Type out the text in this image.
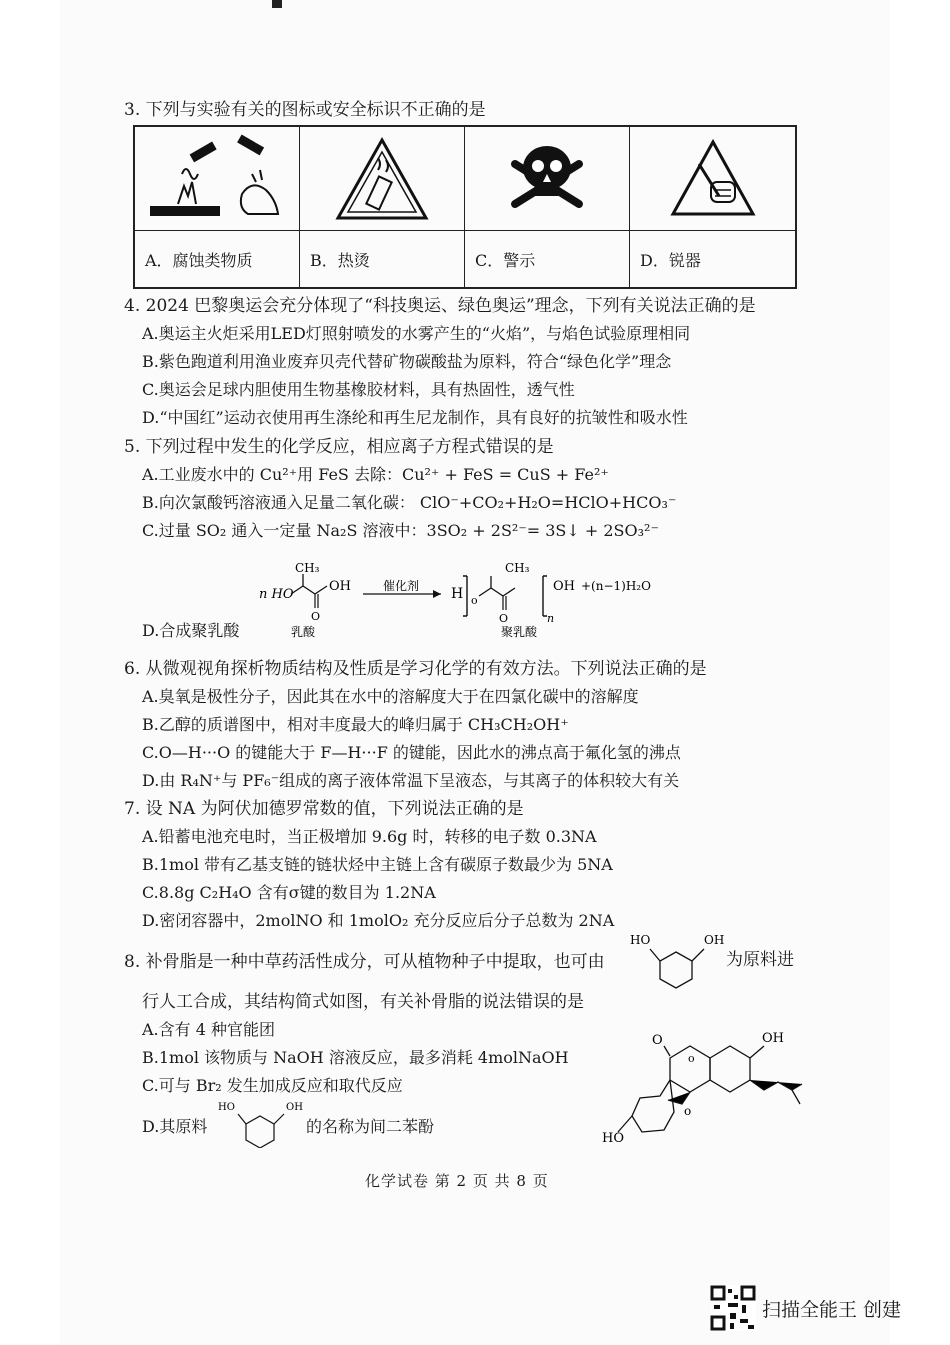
3. 下列与实验有关的图标或安全标识不正确的是
A．腐蚀类物质	B．热烫	C．警示	D．锐器
4. 2024 巴黎奥运会充分体现了“科技奥运、绿色奥运”理念，下列有关说法正确的是
A.奥运主火炬采用LED灯照射喷发的水雾产生的“火焰”，与焰色试验原理相同
B.紫色跑道利用渔业废弃贝壳代替矿物碳酸盐为原料，符合“绿色化学”理念
C.奥运会足球内胆使用生物基橡胶材料，具有热固性，透气性
D.“中国红”运动衣使用再生涤纶和再生尼龙制作，具有良好的抗皱性和吸水性
5. 下列过程中发生的化学反应，相应离子方程式错误的是
A.工业废水中的 Cu²⁺用 FeS 去除：Cu²⁺ + FeS = CuS + Fe²⁺
B.向次氯酸钙溶液通入足量二氧化碳： ClO⁻+CO₂+H₂O=HClO+HCO₃⁻
C.过量 SO₂ 通入一定量 Na₂S 溶液中：3SO₂ + 2S²⁻= 3S↓ + 2SO₃²⁻
n HO
CH₃
O
OH	催化剂
乳酸
H o
CH₃
O	n
OH +(n−1)H₂O
聚乳酸
D.合成聚乳酸
6. 从微观视角探析物质结构及性质是学习化学的有效方法。下列说法正确的是
A.臭氧是极性分子，因此其在水中的溶解度大于在四氯化碳中的溶解度
B.乙醇的质谱图中，相对丰度最大的峰归属于 CH₃CH₂OH⁺
C.O—H···O 的键能大于 F—H···F 的键能，因此水的沸点高于氟化氢的沸点
D.由 R₄N⁺与 PF₆⁻组成的离子液体常温下呈液态，与其离子的体积较大有关
7. 设 NA 为阿伏加德罗常数的值，下列说法正确的是
A.铅蓄电池充电时，当正极增加 9.6g 时，转移的电子数 0.3NA
B.1mol 带有乙基支链的链状烃中主链上含有碳原子数最少为 5NA
C.8.8g C₂H₄O 含有σ键的数目为 1.2NA
D.密闭容器中，2molNO 和 1molO₂ 充分反应后分子总数为 2NA
8. 补骨脂是一种中草药活性成分，可从植物种子中提取，也可由
HO	OH
为原料进
行人工合成，其结构简式如图，有关补骨脂的说法错误的是
A.含有 4 种官能团
B.1mol 该物质与 NaOH 溶液反应，最多消耗 4molNaOH
C.可与 Br₂ 发生加成反应和取代反应
D.其原料
HO	OH
的名称为间二苯酚
O	OH
HO
o
o
化学试卷 第 2 页 共 8 页
扫描全能王 创建
